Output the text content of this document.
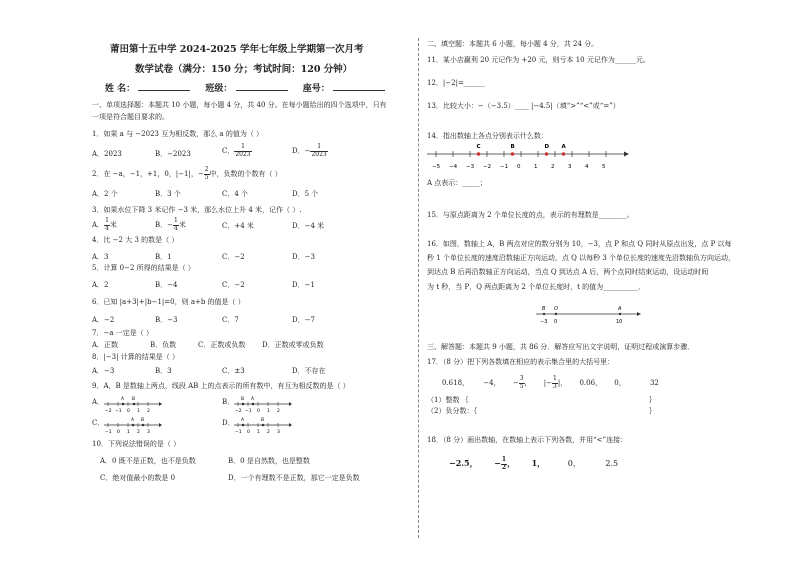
莆田第十五中学 2024-2025 学年七年级上学期第一次月考
数学试卷（满分：150 分；考试时间：120 分钟）
姓 名：	班级：	座号：
一、单项选择题：本题共 10 小题，每小题 4 分，共 40 分。在每小题给出的四个选项中，只有
一项是符合题目要求的。
1．如果 a 与 −2023 互为相反数，那么 a 的值为（ ）
A．2023	B．−2023	C． $\frac{1}{2023}$	D．− $\frac{1}{2023}$
2．在 −a，−1，+1，0，|−1|，− $\frac{2}{5}$ 中，负数的个数有（ ）
A．2 个	B．3 个	C．4 个	D．5 个
3．如果水位下降 3 米记作 −3 米，那么水位上升 4 米，记作（ ）.
A． $\frac{1}{4}$ 米	B．− $\frac{1}{4}$ 米	C．+4 米	D．−4 米
4．比 −2 大 3 的数是（ ）
A．3	B．1	C．−2	D．−3
5．计算 0−2 所得的结果是（ ）
A．2	B．−4	C．−2	D．−1
6．已知 |a+3|+|b−1|=0，则 a+b 的值是（ ）
A．−2	B．−3	C．7	D．−7
7．−a 一定是（ ）
A．正数	B．负数	C．正数或负数 D．正数或零或负数
8．|−3| 计算的结果是（ ）
A．−3	B．3	C．±3	D．不存在
9．A，B 是数轴上两点，线段 AB 上的点表示的所有数中，有互为相反数的是（ ）
A．	A B
−2 −1 0 1 2
B． B A
−2 −1 0 1 2
C．	A B
−1 0 1 2 3
D． A	B
−1 0 1 2 3
10．下列说法错误的是（ ）
A．0 既不是正数，也不是负数	B．0 是自然数，也是整数
C．绝对值最小的数是 0	D．一个有理数不是正数，那它一定是负数
二、填空题：本题共 6 小题，每小题 4 分，共 24 分。
11．某小店赢利 20 元记作为 +20 元，则亏本 10 元记作为______元。
12．|−2|=______
13．比较大小：−（−3.5）____ |−4.5|（填“>”“<”或“=”）
14．指出数轴上各点分别表示什么数：
−5 −4 −3 −2 −1 0 1 2 3 4 5
C	B	D A
A 点表示：_____；
15．与原点距离为 2 个单位长度的点，表示的有理数是________。
16．如图，数轴上 A，B 两点对应的数分别为 10，−3，点 P 和点 Q 同时从原点出发，点 P 以每
秒 1 个单位长度的速度沿数轴正方向运动，点 Q 以每秒 3 个单位长度的速度先沿数轴负方向运动，
到达点 B 后再沿数轴正方向运动，当点 Q 到达点 A 后，两个点同时结束运动，设运动时间
为 t 秒，当 P，Q 两点距离为 2 个单位长度时，t 的值为__________．
B O	A
−3 0	10
三、解答题：本题共 9 小题，共 86 分．解答应写出文字说明，证明过程或演算步骤．
17．（8 分）把下列各数填在相应的表示集合里的大括号里：
0.618， −4， − $\frac{3}{5}$ ， |− $\frac{1}{3}$ |， 0.06， 0，	32
（1）整数 ｛	｝
（2）负分数：｛	｝
18．（8 分）画出数轴，在数轴上表示下列各数，并用“<”连接：
−2.5， − $\frac{1}{2}$ ， 1，	0，	2.5
